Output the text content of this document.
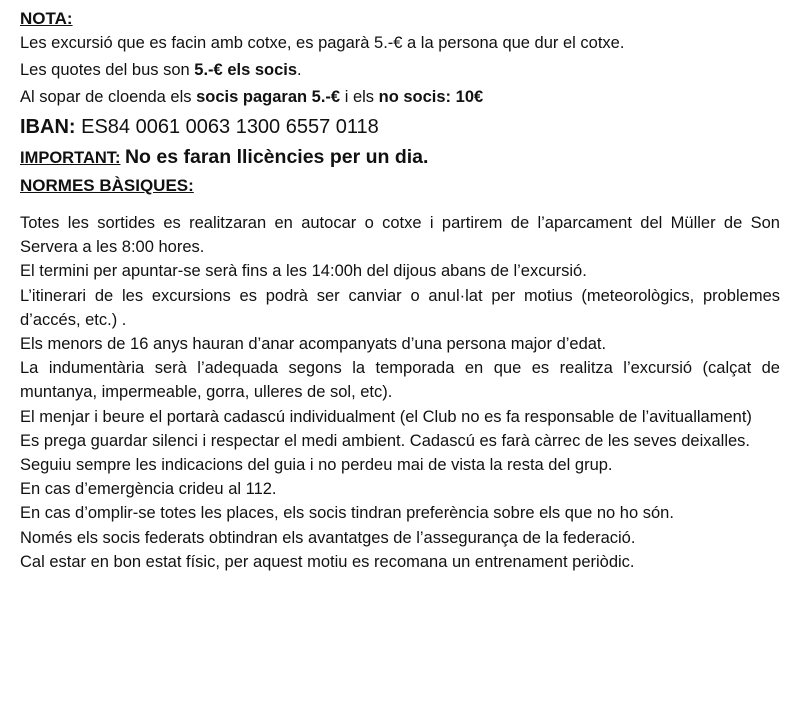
NOTA:

Les excursió que es facin amb cotxe, es pagarà 5.-€ a la persona que dur el cotxe.

Les quotes del bus son 5.-€ els socis.

Al sopar de cloenda els socis pagaran 5.-€ i els no socis: 10€

IBAN: ES84 0061 0063 1300 6557 0118

IMPORTANT: No es faran llicències per un dia.

NORMES BÀSIQUES:

Totes les sortides es realitzaran en autocar o cotxe i partirem de l’aparcament del Müller de Son Servera a les 8:00 hores.

El termini per apuntar-se serà fins a les 14:00h del dijous abans de l’excursió.

L’itinerari de les excursions es podrà ser canviar o anul·lat per motius (meteorològics, problemes d’accés, etc.) .

Els menors de 16 anys hauran d’anar acompanyats d’una persona major d’edat.

La indumentària serà l’adequada segons la temporada en que es realitza l’excursió (calçat de muntanya, impermeable, gorra, ulleres de sol, etc).

El menjar i beure el portarà cadascú individualment (el Club no es fa responsable de l’avituallament)

Es prega guardar silenci i respectar el medi ambient. Cadascú es farà càrrec de les seves deixalles.

Seguiu sempre les indicacions del guia i no perdeu mai de vista la resta del grup.

En cas d’emergència crideu al 112.

En cas d’omplir-se totes les places, els socis tindran preferència sobre els que no ho són.

Només els socis federats obtindran els avantatges de l’assegurança de la federació.

Cal estar en bon estat físic, per aquest motiu es recomana un entrenament periòdic.
